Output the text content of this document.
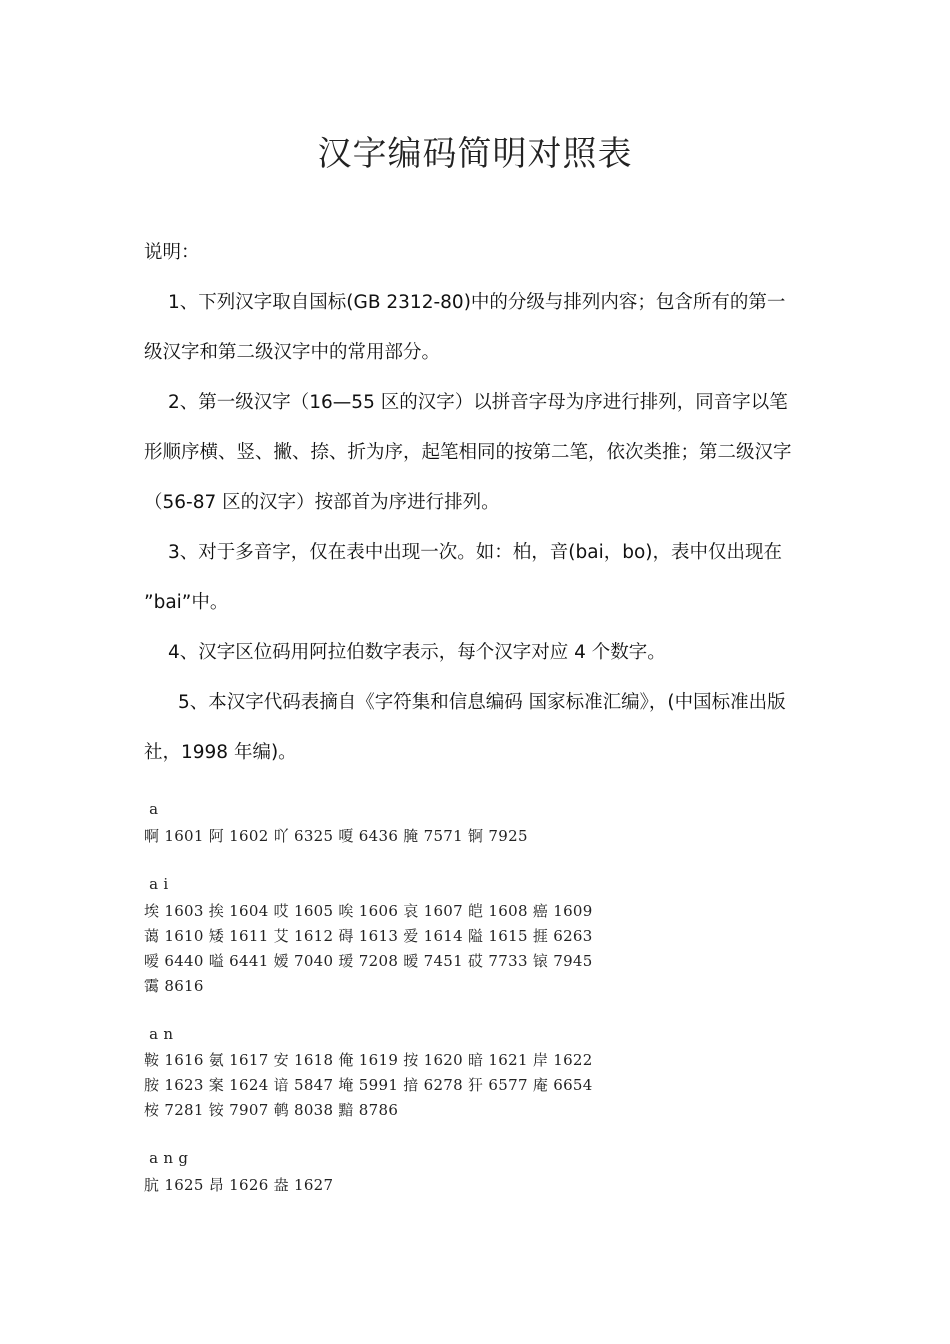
汉字编码简明对照表
说明：
1、下列汉字取自国标(GB 2312-80)中的分级与排列内容；包含所有的第一
级汉字和第二级汉字中的常用部分。
2、第一级汉字（16—55 区的汉字）以拼音字母为序进行排列，同音字以笔
形顺序横、竖、撇、捺、折为序，起笔相同的按第二笔，依次类推；第二级汉字
（56-87 区的汉字）按部首为序进行排列。
3、对于多音字，仅在表中出现一次。如：柏，音(bai，bo)，表中仅出现在
”bai”中。
4、汉字区位码用阿拉伯数字表示，每个汉字对应 4 个数字。
5、本汉字代码表摘自《字符集和信息编码 国家标准汇编》，(中国标准出版
社，1998 年编)。
a
啊 1601 阿 1602 吖 6325 嗄 6436 腌 7571 锕 7925
a i
埃 1603 挨 1604 哎 1605 唉 1606 哀 1607 皑 1608 癌 1609
蔼 1610 矮 1611 艾 1612 碍 1613 爱 1614 隘 1615 捱 6263
嗳 6440 嗌 6441 嫒 7040 瑷 7208 暧 7451 砹 7733 锿 7945
霭 8616
a n
鞍 1616 氨 1617 安 1618 俺 1619 按 1620 暗 1621 岸 1622
胺 1623 案 1624 谙 5847 埯 5991 揞 6278 犴 6577 庵 6654
桉 7281 铵 7907 鹌 8038 黯 8786
a n g
肮 1625 昂 1626 盎 1627
